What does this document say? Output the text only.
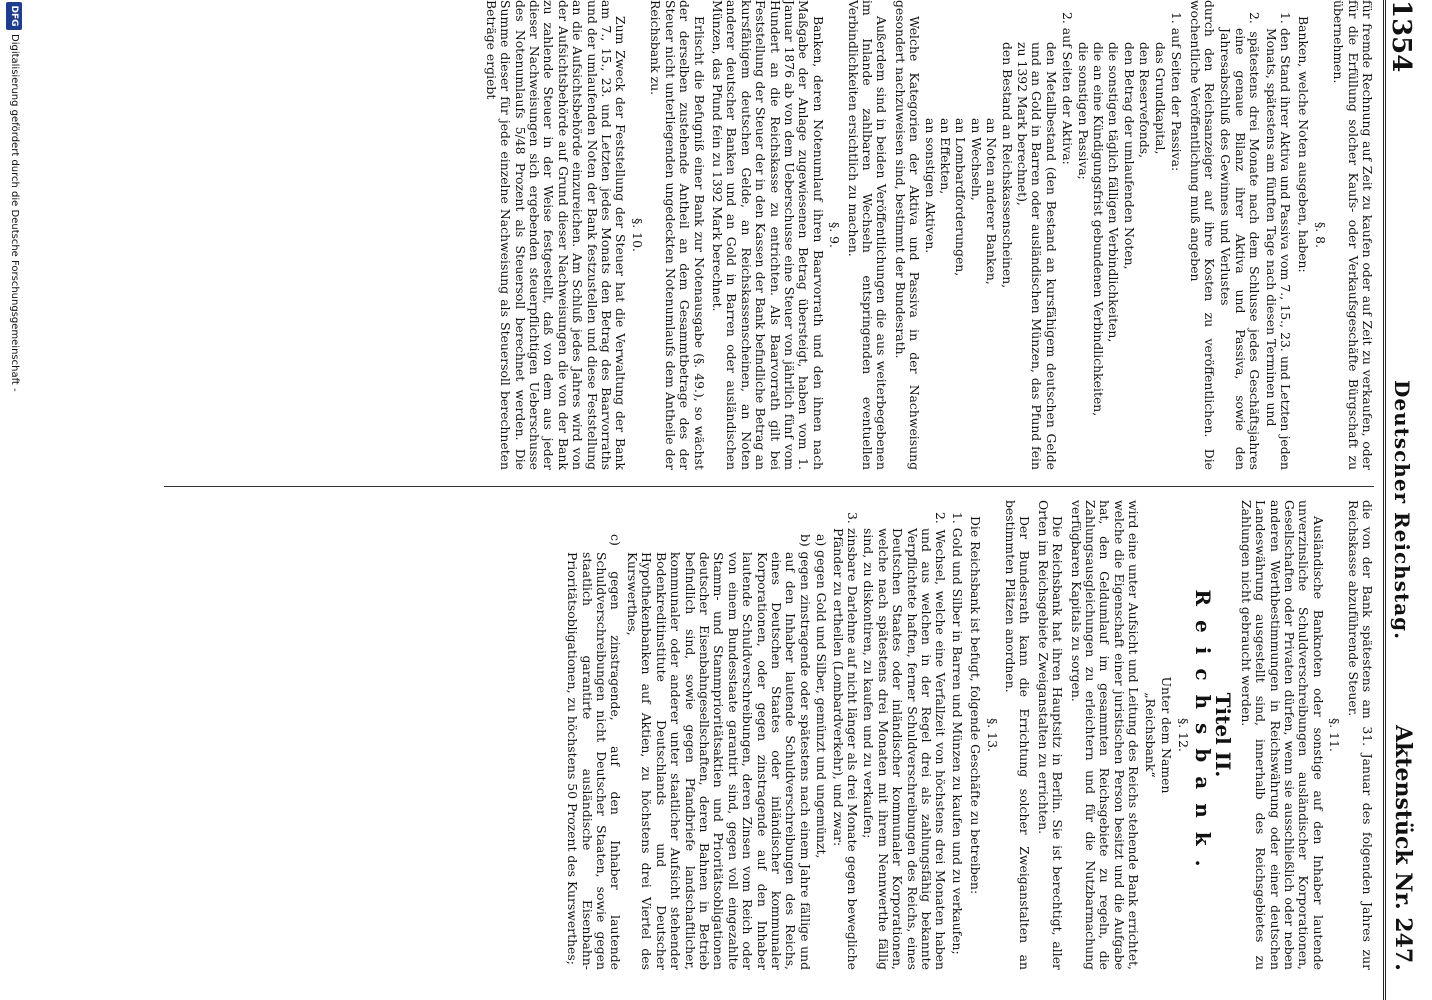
1354
Deutscher Reichstag.
Aktenstück Nr. 247.

für fremde Rechnung auf Zeit zu kaufen oder auf Zeit zu verkaufen, oder für die Erfüllung solcher Kaufs- oder Verkaufsgeschäfte Bürgschaft zu übernehmen.

§. 8.

Banken, welche Noten ausgeben, haben:

1. den Stand ihrer Aktiva und Passiva vom 7., 15., 23. und Letzten jeden Monats, spätestens am fünften Tage nach diesen Terminen und
2. spätestens drei Monate nach dem Schlusse jedes Geschäftsjahres eine genaue Bilanz ihrer Aktiva und Passiva, sowie den Jahresabschluß des Gewinnes und Verlustes

durch den Reichsanzeiger auf ihre Kosten zu veröffentlichen. Die wochentliche Veröffentlichung muß angeben

1. auf Seiten der Passiva:
das Grundkapital,
den Reservefonds,
den Betrag der umlaufenden Noten,
die sonstigen täglich fälligen Verbindlichkeiten,
die an eine Kündigungsfrist gebundenen Verbindlichkeiten,
die sonstigen Passiva;
2. auf Seiten der Aktiva:
den Metallbestand (den Bestand an kursfähigem deutschen Gelde und an Gold in Barren oder ausländischen Münzen, das Pfund fein zu 1392 Mark berechnet),
den Bestand an Reichskassenscheinen,
an Noten anderer Banken,
an Wechseln,
an Lombardforderungen,
an Effekten,
an sonstigen Aktiven.

Welche Kategorien der Aktiva und Passiva in der Nachweisung gesondert nachzuweisen sind, bestimmt der Bundesrath.

Außerdem sind in beiden Veröffentlichungen die aus weiterbegebenen im Inlande zahlbaren Wechseln entspringenden eventuellen Verbindlichkeiten ersichtlich zu machen.

§. 9.

Banken, deren Notenumlauf ihren Baarvorrath und den ihnen nach Maßgabe der Anlage zugewiesenen Betrag übersteigt, haben vom 1. Januar 1876 ab von dem Ueberschusse eine Steuer von jährlich fünf vom Hundert an die Reichskasse zu entrichten. Als Baarvorrath gilt bei Feststellung der Steuer der in den Kassen der Bank befindliche Betrag an kursfähigem deutschen Gelde, an Reichskassenscheinen, an Noten anderer deutscher Banken und an Gold in Barren oder ausländischen Münzen, das Pfund fein zu 1392 Mark berechnet.

Erlischt die Befugniß einer Bank zur Notenausgabe (§. 49.), so wächst der derselben zustehende Antheil an dem Gesammtbetrage des der Steuer nicht unterliegenden ungedeckten Notenumlaufs dem Antheile der Reichsbank zu.

§. 10.

Zum Zweck der Feststellung der Steuer hat die Verwaltung der Bank am 7., 15., 23. und Letzten jedes Monats den Betrag des Baarvorraths und der umlaufenden Noten der Bank festzustellen und diese Feststellung an die Aufsichtsbehörde einzureichen. Am Schluß jedes Jahres wird von der Aufsichtsbehörde auf Grund dieser Nachweisungen die von der Bank zu zahlende Steuer in der Weise festgestellt, daß von dem aus jeder dieser Nachweisungen sich ergebenden steuerpflichtigen Ueberschusse des Notenumlaufs 5/48 Prozent als Steuersoll berechnet werden. Die Summe dieser für jede einzelne Nachweisung als Steuersoll berechneten Beträge ergiebt

die von der Bank spätestens am 31. Januar des folgenden Jahres zur Reichskasse abzuführende Steuer.

§. 11.

Ausländische Banknoten oder sonstige auf den Inhaber lautende unverzinsliche Schuldverschreibungen ausländischer Korporationen, Gesellschaften oder Privaten dürfen, wenn sie ausschließlich oder neben anderen Werthbestimmungen in Reichswährung oder einer deutschen Landeswährung ausgestellt sind, innerhalb des Reichsgebietes zu Zahlungen nicht gebraucht werden.

Titel II.
Reichsbank.
§. 12.
Unter dem Namen
„Reichsbank“

wird eine unter Aufsicht und Leitung des Reichs stehende Bank errichtet, welche die Eigenschaft einer juristischen Person besitzt und die Aufgabe hat, den Geldumlauf im gesammten Reichsgebiete zu regeln, die Zahlungsausgleichungen zu erleichtern und für die Nutzbarmachung verfügbaren Kapitals zu sorgen.

Die Reichsbank hat ihren Hauptsitz in Berlin. Sie ist berechtigt, aller Orten im Reichsgebiete Zweiganstalten zu errichten.

Der Bundesrath kann die Errichtung solcher Zweiganstalten an bestimmten Plätzen anordnen.

§. 13.

Die Reichsbank ist befugt, folgende Geschäfte zu betreiben:

1. Gold und Silber in Barren und Münzen zu kaufen und zu verkaufen;
2. Wechsel, welche eine Verfallzeit von höchstens drei Monaten haben und aus welchen in der Regel drei als zahlungsfähig bekannte Verpflichtete haften, ferner Schuldverschreibungen des Reichs, eines Deutschen Staates oder inländischer kommunaler Korporationen, welche nach spätestens drei Monaten mit ihrem Nennwerthe fällig sind, zu diskontiren, zu kaufen und zu verkaufen;
3. zinsbare Darlehne auf nicht länger als drei Monate gegen bewegliche Pfänder zu ertheilen (Lombardverkehr), und zwar:
a) gegen Gold und Silber, gemünzt und ungemünzt,
b) gegen zinstragende oder spätestens nach einem Jahre fällige und auf den Inhaber lautende Schuldverschreibungen des Reichs, eines Deutschen Staates oder inländischer kommunaler Korporationen, oder gegen zinstragende auf den Inhaber lautende Schuldverschreibungen, deren Zinsen vom Reich oder von einem Bundesstaate garantirt sind, gegen voll eingezahlte Stamm- und Stammprioritätsaktien und Prioritätsobligationen deutscher Eisenbahngesellschaften, deren Bahnen in Betrieb befindlich sind, sowie gegen Pfandbriefe landschaftlicher, kommunaler oder anderer unter staatlicher Aufsicht stehender Bodenkreditinstitute Deutschlands und Deutscher Hypothekenbanken auf Aktien, zu höchstens drei Viertel des Kurswerthes,
c) gegen zinstragende, auf den Inhaber lautende Schuldverschreibungen nicht Deutscher Staaten, sowie gegen staatlich garantirte ausländische Eisenbahn-Prioritätsobligationen, zu höchstens 50 Prozent des Kurswerthes;
DFG
Digitalisierung gefördert durch die Deutsche Forschungsgemeinschaft -
